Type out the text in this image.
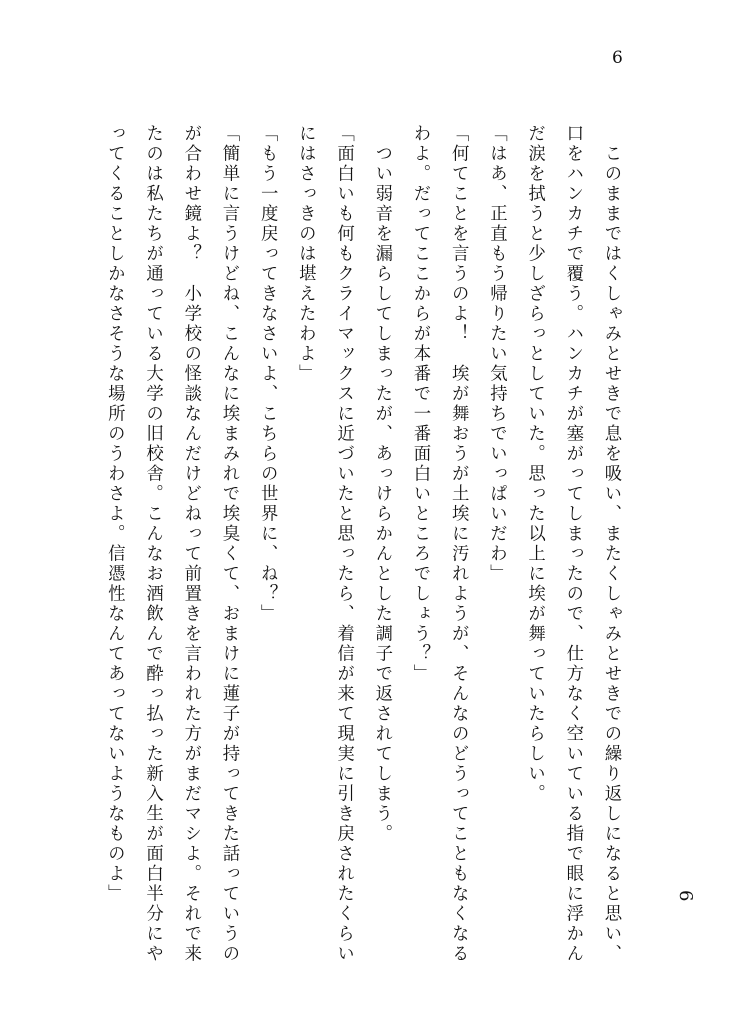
6
　このままではくしゃみとせきで息を吸い、またくしゃみとせきでの繰り返しになると思い、
口をハンカチで覆う。ハンカチが塞がってしまったので、仕方なく空いている指で眼に浮かん
だ涙を拭うと少しざらっとしていた。思った以上に埃が舞っていたらしい。
「はあ、正直もう帰りたい気持ちでいっぱいだわ」
「何てことを言うのよ！　埃が舞おうが土埃に汚れようが、そんなのどうってこともなくなる
わよ。だってここからが本番で一番面白いところでしょう？」
　つい弱音を漏らしてしまったが、あっけらかんとした調子で返されてしまう。
「面白いも何もクライマックスに近づいたと思ったら、着信が来て現実に引き戻されたくらい
にはさっきのは堪えたわよ」
「もう一度戻ってきなさいよ、こちらの世界に、ね？」
「簡単に言うけどね、こんなに埃まみれで埃臭くて、おまけに蓮子が持ってきた話っていうの
が合わせ鏡よ？　小学校の怪談なんだけどねって前置きを言われた方がまだマシよ。それで来
たのは私たちが通っている大学の旧校舎。こんなお酒飲んで酔っ払った新入生が面白半分にや
ってくることしかなさそうな場所のうわさよ。信憑性なんてあってないようなものよ」	6
